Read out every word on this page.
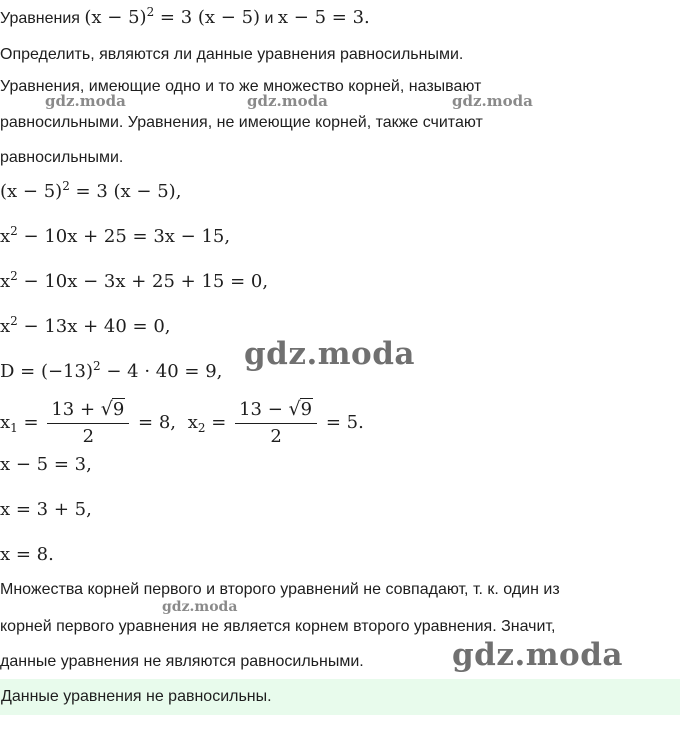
Уравнения $(x - 5)^2 = 3$ (x − 5) и x − 5 = 3.
Определить, являются ли данные уравнения равносильными.
Уравнения, имеющие одно и то же множество корней, называют
равносильными. Уравнения, не имеющие корней, также считают
равносильными.
$(x - 5)^2 = 3$ (x − 5),
$x^2 - 10x + 25 = 3x - 15$,
$x^2 - 10x - 3x + 25 + 15 = 0$,
$x^2 - 13x + 40 = 0$,
$D = (-13)^2 - 4 \cdot 40 = 9$,
$x_1 = \frac{13 + √9}{2} = 8$, $x_2 = \frac{13 - √9}{2} = 5$.
x − 5 = 3,
x = 3 + 5,
x = 8.
Множества корней первого и второго уравнений не совпадают, т. к. один из
корней первого уравнения не является корнем второго уравнения. Значит,
данные уравнения не являются равносильными.
Данные уравнения не равносильны.
gdz.moda	gdz.moda	gdz.moda
gdz.moda
gdz.moda
gdz.moda
